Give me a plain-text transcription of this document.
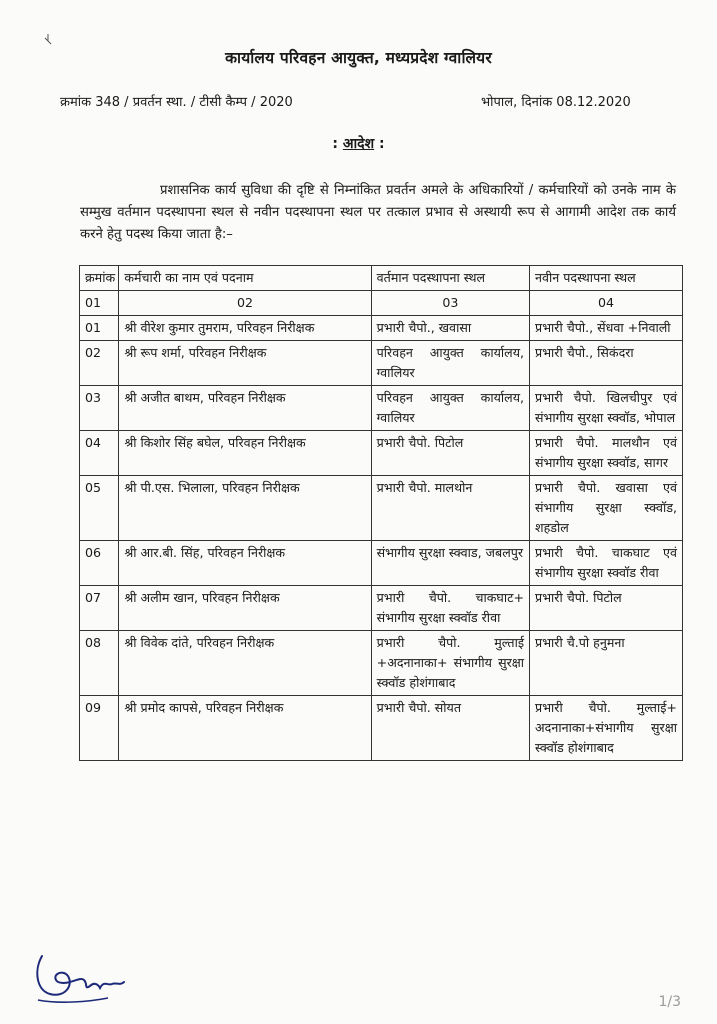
कार्यालय परिवहन आयुक्त, मध्यप्रदेश ग्वालियर
क्रमांक 348 / प्रवर्तन स्था. / टीसी कैम्प / 2020	भोपाल, दिनांक 08.12.2020
: आदेश :
प्रशासनिक कार्य सुविधा की दृष्टि से निम्नांकित प्रवर्तन अमले के अधिकारियों / कर्मचारियों को उनके नाम के सम्मुख वर्तमान पदस्थापना स्थल से नवीन पदस्थापना स्थल पर तत्काल प्रभाव से अस्थायी रूप से आगामी आदेश तक कार्य करने हेतु पदस्थ किया जाता है:–
क्रमांक	कर्मचारी का नाम एवं पदनाम	वर्तमान पदस्थापना स्थल	नवीन पदस्थापना स्थल
01	02	03	04
01	श्री वीरेश कुमार तुमराम, परिवहन निरीक्षक	प्रभारी चैपो., खवासा	प्रभारी चैपो., सेंधवा +निवाली
02	श्री रूप शर्मा, परिवहन निरीक्षक	परिवहन आयुक्त कार्यालय, ग्वालियर	प्रभारी चैपो., सिकंदरा
03	श्री अजीत बाथम, परिवहन निरीक्षक	परिवहन आयुक्त कार्यालय, ग्वालियर	प्रभारी चैपो. खिलचीपुर एवं संभागीय सुरक्षा स्क्वॉड, भोपाल
04	श्री किशोर सिंह बघेल, परिवहन निरीक्षक	प्रभारी चैपो. पिटोल	प्रभारी चैपो. मालथौन एवं संभागीय सुरक्षा स्क्वॉड, सागर
05	श्री पी.एस. भिलाला, परिवहन निरीक्षक	प्रभारी चैपो. मालथोन	प्रभारी चैपो. खवासा एवं संभागीय सुरक्षा स्क्वॉड, शहडोल
06	श्री आर.बी. सिंह, परिवहन निरीक्षक	संभागीय सुरक्षा स्क्वाड, जबलपुर	प्रभारी चैपो. चाकघाट एवं संभागीय सुरक्षा स्क्वॉड रीवा
07	श्री अलीम खान, परिवहन निरीक्षक	प्रभारी चैपो. चाकघाट+ संभागीय सुरक्षा स्क्वॉड रीवा	प्रभारी चैपो. पिटोल
08	श्री विवेक दांते, परिवहन निरीक्षक	प्रभारी चैपो. मुल्ताई +अदनानाका+ संभागीय सुरक्षा स्क्वॉड होशंगाबाद	प्रभारी चै.पो हनुमना
09	श्री प्रमोद कापसे, परिवहन निरीक्षक	प्रभारी चैपो. सोयत	प्रभारी चैपो. मुल्ताई+ अदनानाका+संभागीय सुरक्षा स्क्वॉड होशंगाबाद
1/3
